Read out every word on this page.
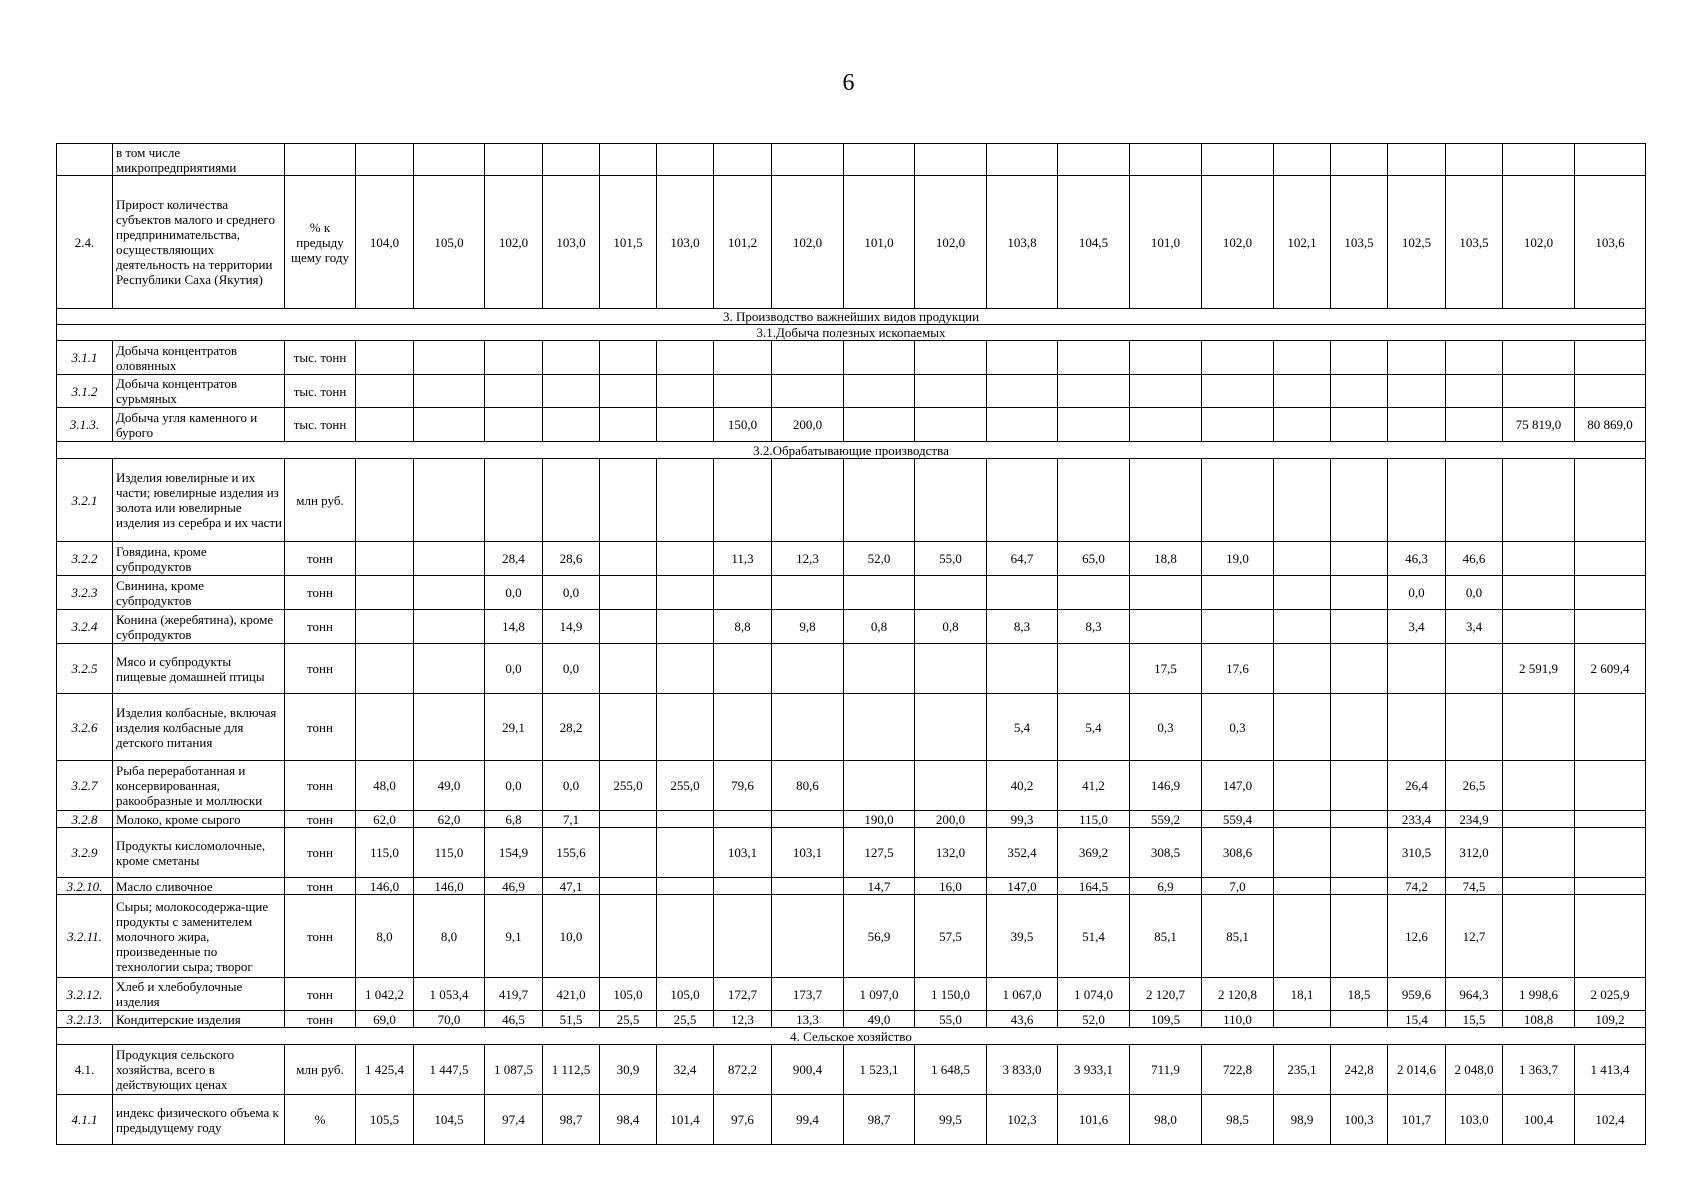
6
	в том числе микропредприятиями																					
2.4.	Прирост количества субъектов малого и среднего предпринимательства, осуществляющих деятельность на территории Республики Саха (Якутия)	% к предыду щему году	104,0	105,0	102,0	103,0	101,5	103,0	101,2	102,0	101,0	102,0	103,8	104,5	101,0	102,0	102,1	103,5	102,5	103,5	102,0	103,6
3. Производство важнейших видов продукции																						
3.1.Добыча полезных ископаемых																						
3.1.1	Добыча концентратов оловянных	тыс. тонн																				
3.1.2	Добыча концентратов сурьмяных	тыс. тонн																				
3.1.3.	Добыча угля каменного и бурого	тыс. тонн							150,0	200,0											75 819,0	80 869,0
3.2.Обрабатывающие производства																						
3.2.1	Изделия ювелирные и их части; ювелирные изделия из золота или ювелирные изделия из серебра и их части	млн руб.																				
3.2.2	Говядина, кроме субпродуктов	тонн			28,4	28,6			11,3	12,3	52,0	55,0	64,7	65,0	18,8	19,0			46,3	46,6		
3.2.3	Свинина, кроме субпродуктов	тонн			0,0	0,0													0,0	0,0		
3.2.4	Конина (жеребятина), кроме субпродуктов	тонн			14,8	14,9			8,8	9,8	0,8	0,8	8,3	8,3					3,4	3,4		
3.2.5	Мясо и субпродукты пищевые домашней птицы	тонн			0,0	0,0									17,5	17,6					2 591,9	2 609,4
3.2.6	Изделия колбасные, включая изделия колбасные для детского питания	тонн			29,1	28,2							5,4	5,4	0,3	0,3						
3.2.7	Рыба переработанная и консервированная, ракообразные и моллюски	тонн	48,0	49,0	0,0	0,0	255,0	255,0	79,6	80,6			40,2	41,2	146,9	147,0			26,4	26,5		
3.2.8	Молоко, кроме сырого	тонн	62,0	62,0	6,8	7,1					190,0	200,0	99,3	115,0	559,2	559,4			233,4	234,9		
3.2.9	Продукты кисломолочные, кроме сметаны	тонн	115,0	115,0	154,9	155,6			103,1	103,1	127,5	132,0	352,4	369,2	308,5	308,6			310,5	312,0		
3.2.10.	Масло сливочное	тонн	146,0	146,0	46,9	47,1					14,7	16,0	147,0	164,5	6,9	7,0			74,2	74,5		
3.2.11.	Сыры; молокосодержа-щие продукты с заменителем молочного жира, произведенные по технологии сыра; творог	тонн	8,0	8,0	9,1	10,0					56,9	57,5	39,5	51,4	85,1	85,1			12,6	12,7		
3.2.12.	Хлеб и хлебобулочные изделия	тонн	1 042,2	1 053,4	419,7	421,0	105,0	105,0	172,7	173,7	1 097,0	1 150,0	1 067,0	1 074,0	2 120,7	2 120,8	18,1	18,5	959,6	964,3	1 998,6	2 025,9
3.2.13.	Кондитерские изделия	тонн	69,0	70,0	46,5	51,5	25,5	25,5	12,3	13,3	49,0	55,0	43,6	52,0	109,5	110,0			15,4	15,5	108,8	109,2
4. Сельское хозяйство																						
4.1.	Продукция сельского хозяйства, всего в действующих ценах	млн руб.	1 425,4	1 447,5	1 087,5	1 112,5	30,9	32,4	872,2	900,4	1 523,1	1 648,5	3 833,0	3 933,1	711,9	722,8	235,1	242,8	2 014,6	2 048,0	1 363,7	1 413,4
4.1.1	индекс физического объема к предыдущему году	%	105,5	104,5	97,4	98,7	98,4	101,4	97,6	99,4	98,7	99,5	102,3	101,6	98,0	98,5	98,9	100,3	101,7	103,0	100,4	102,4
